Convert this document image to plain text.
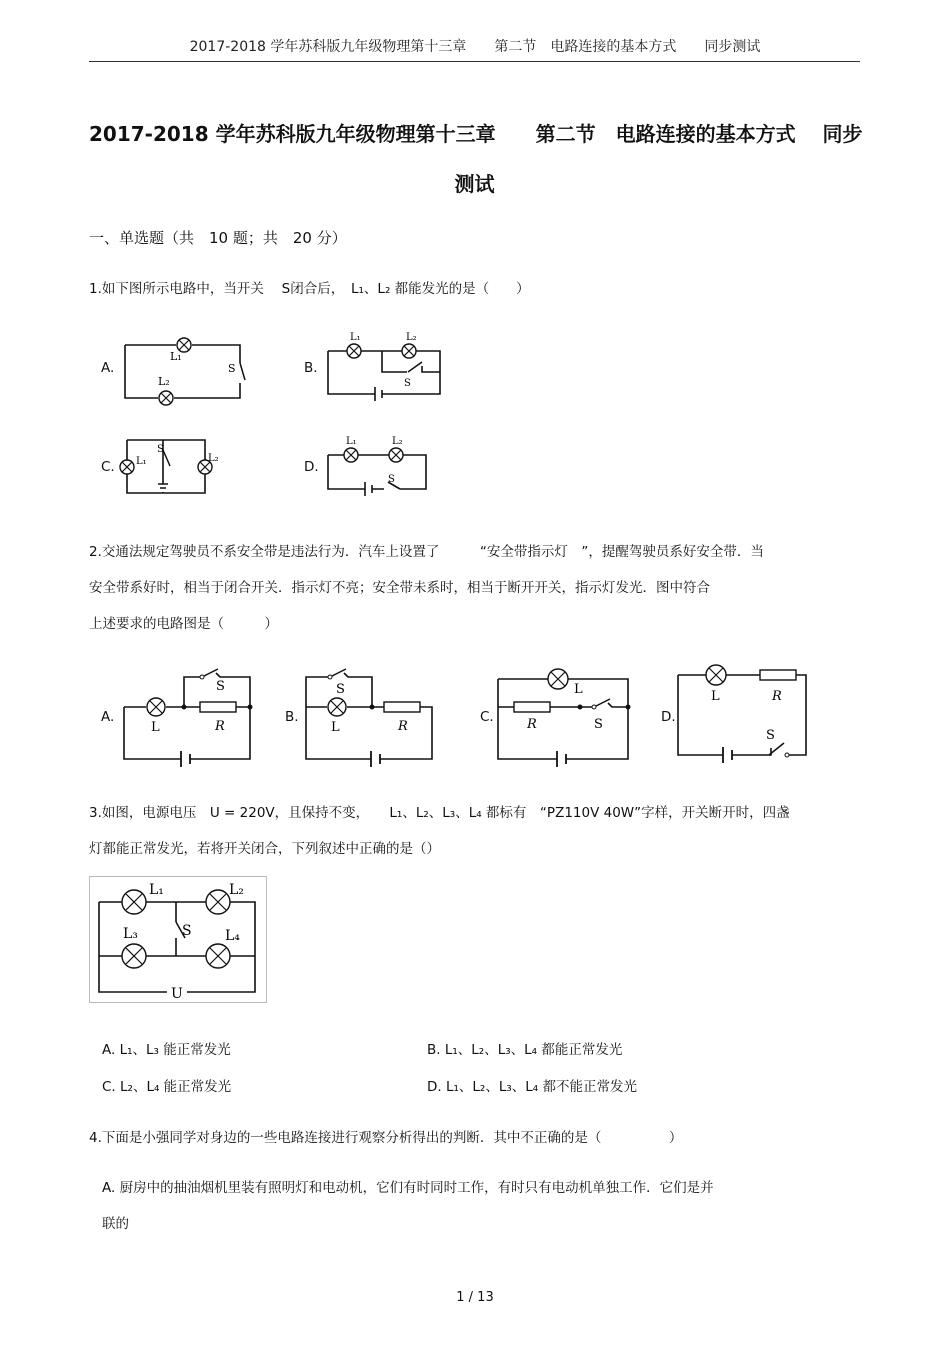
2017-2018 学年苏科版九年级物理第十三章　　第二节　电路连接的基本方式　　同步测试
2017-2018 学年苏科版九年级物理第十三章　　第二节　电路连接的基本方式　 同步
测试
一、单选题（共　10 题；共　20 分）
1.如下图所示电路中，当开关　 S闭合后，　L₁、L₂ 都能发光的是（　　）
A.
L₁
L₂
S	B.
L₁	L₂
S
C. L₁
S
L₂
D.
L₁	L₂
S
2.交通法规定驾驶员不系安全带是违法行为．汽车上设置了　　　“安全带指示灯　”，提醒驾驶员系好安全带．当
安全带系好时，相当于闭合开关．指示灯不亮；安全带未系时，相当于断开开关，指示灯发光．图中符合
上述要求的电路图是（　　　）
A.
L	R
S
B.
L	R
S
C.
L
R	S	D.
L	R
S
3.如图，电源电压　U = 220V，且保持不变，　　L₁、L₂、L₃、L₄ 都标有　“PZ110V 40W”字样，开关断开时，四盏
灯都能正常发光，若将开关闭合，下列叙述中正确的是（）
L₁	L₂
L₃	L₄
S
U
A. L₁、L₃ 能正常发光	B. L₁、L₂、L₃、L₄ 都能正常发光
C. L₂、L₄ 能正常发光	D. L₁、L₂、L₃、L₄ 都不能正常发光
4.下面是小强同学对身边的一些电路连接进行观察分析得出的判断．其中不正确的是（　　　　　）
A. 厨房中的抽油烟机里装有照明灯和电动机，它们有时同时工作，有时只有电动机单独工作．它们是并
联的
1 / 13
